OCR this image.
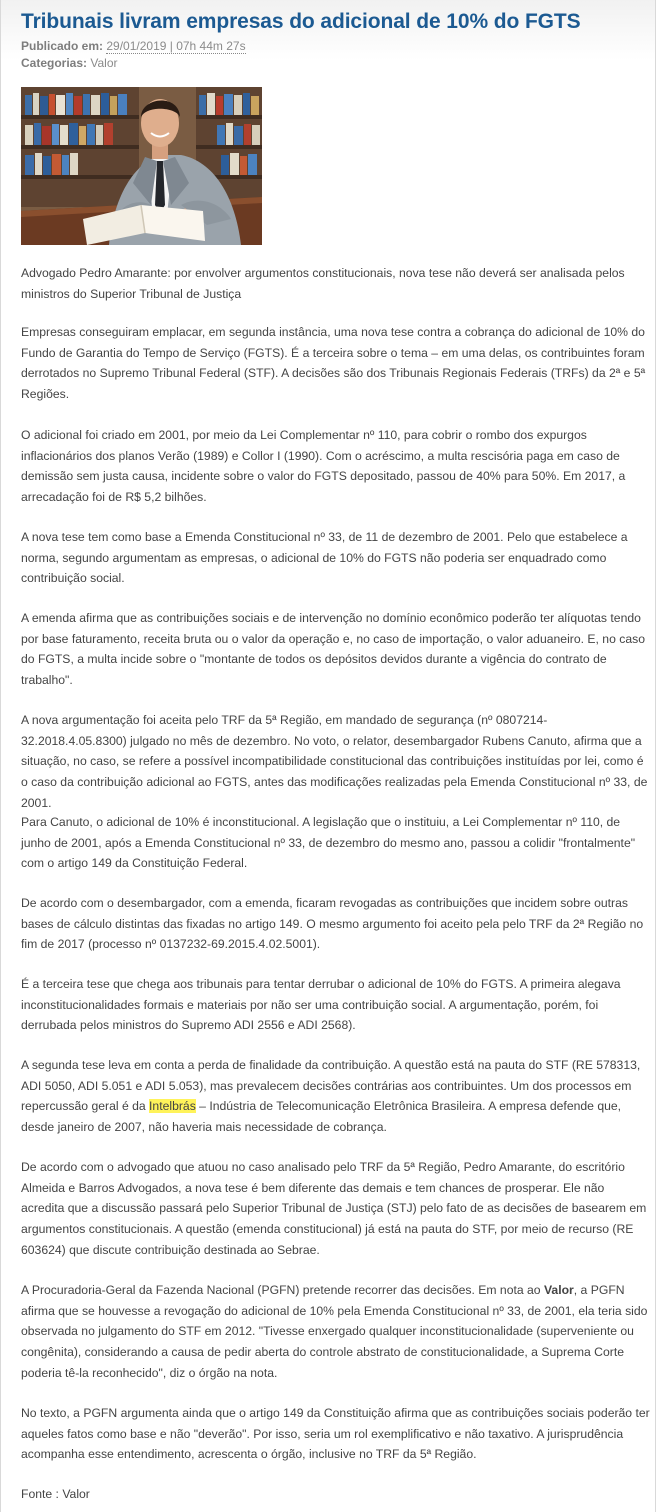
Tribunais livram empresas do adicional de 10% do FGTS
Publicado em: 29/01/2019 | 07h 44m 27s
Categorias: Valor

Advogado Pedro Amarante: por envolver argumentos constitucionais, nova tese não deverá ser analisada pelos ministros do Superior Tribunal de Justiça

Empresas conseguiram emplacar, em segunda instância, uma nova tese contra a cobrança do adicional de 10% do Fundo de Garantia do Tempo de Serviço (FGTS). É a terceira sobre o tema – em uma delas, os contribuintes foram derrotados no Supremo Tribunal Federal (STF). A decisões são dos Tribunais Regionais Federais (TRFs) da 2ª e 5ª Regiões.

O adicional foi criado em 2001, por meio da Lei Complementar nº 110, para cobrir o rombo dos expurgos inflacionários dos planos Verão (1989) e Collor I (1990). Com o acréscimo, a multa rescisória paga em caso de demissão sem justa causa, incidente sobre o valor do FGTS depositado, passou de 40% para 50%. Em 2017, a arrecadação foi de R$ 5,2 bilhões.

A nova tese tem como base a Emenda Constitucional nº 33, de 11 de dezembro de 2001. Pelo que estabelece a norma, segundo argumentam as empresas, o adicional de 10% do FGTS não poderia ser enquadrado como contribuição social.

A emenda afirma que as contribuições sociais e de intervenção no domínio econômico poderão ter alíquotas tendo por base faturamento, receita bruta ou o valor da operação e, no caso de importação, o valor aduaneiro. E, no caso do FGTS, a multa incide sobre o "montante de todos os depósitos devidos durante a vigência do contrato de trabalho".

A nova argumentação foi aceita pelo TRF da 5ª Região, em mandado de segurança (nº 0807214-32.2018.4.05.8300) julgado no mês de dezembro. No voto, o relator, desembargador Rubens Canuto, afirma que a situação, no caso, se refere a possível incompatibilidade constitucional das contribuições instituídas por lei, como é o caso da contribuição adicional ao FGTS, antes das modificações realizadas pela Emenda Constitucional nº 33, de 2001.

Para Canuto, o adicional de 10% é inconstitucional. A legislação que o instituiu, a Lei Complementar nº 110, de junho de 2001, após a Emenda Constitucional nº 33, de dezembro do mesmo ano, passou a colidir "frontalmente" com o artigo 149 da Constituição Federal.

De acordo com o desembargador, com a emenda, ficaram revogadas as contribuições que incidem sobre outras bases de cálculo distintas das fixadas no artigo 149. O mesmo argumento foi aceito pela pelo TRF da 2ª Região no fim de 2017 (processo nº 0137232-69.2015.4.02.5001).

É a terceira tese que chega aos tribunais para tentar derrubar o adicional de 10% do FGTS. A primeira alegava inconstitucionalidades formais e materiais por não ser uma contribuição social. A argumentação, porém, foi derrubada pelos ministros do Supremo ADI 2556 e ADI 2568).

A segunda tese leva em conta a perda de finalidade da contribuição. A questão está na pauta do STF (RE 578313, ADI 5050, ADI 5.051 e ADI 5.053), mas prevalecem decisões contrárias aos contribuintes. Um dos processos em repercussão geral é da Intelbrás – Indústria de Telecomunicação Eletrônica Brasileira. A empresa defende que, desde janeiro de 2007, não haveria mais necessidade de cobrança.

De acordo com o advogado que atuou no caso analisado pelo TRF da 5ª Região, Pedro Amarante, do escritório Almeida e Barros Advogados, a nova tese é bem diferente das demais e tem chances de prosperar. Ele não acredita que a discussão passará pelo Superior Tribunal de Justiça (STJ) pelo fato de as decisões de basearem em argumentos constitucionais. A questão (emenda constitucional) já está na pauta do STF, por meio de recurso (RE 603624) que discute contribuição destinada ao Sebrae.

A Procuradoria-Geral da Fazenda Nacional (PGFN) pretende recorrer das decisões. Em nota ao Valor, a PGFN afirma que se houvesse a revogação do adicional de 10% pela Emenda Constitucional nº 33, de 2001, ela teria sido observada no julgamento do STF em 2012. "Tivesse enxergado qualquer inconstitucionalidade (superveniente ou congênita), considerando a causa de pedir aberta do controle abstrato de constitucionalidade, a Suprema Corte poderia tê-la reconhecido", diz o órgão na nota.

No texto, a PGFN argumenta ainda que o artigo 149 da Constituição afirma que as contribuições sociais poderão ter aqueles fatos como base e não "deverão". Por isso, seria um rol exemplificativo e não taxativo. A jurisprudência acompanha esse entendimento, acrescenta o órgão, inclusive no TRF da 5ª Região.

Fonte : Valor
